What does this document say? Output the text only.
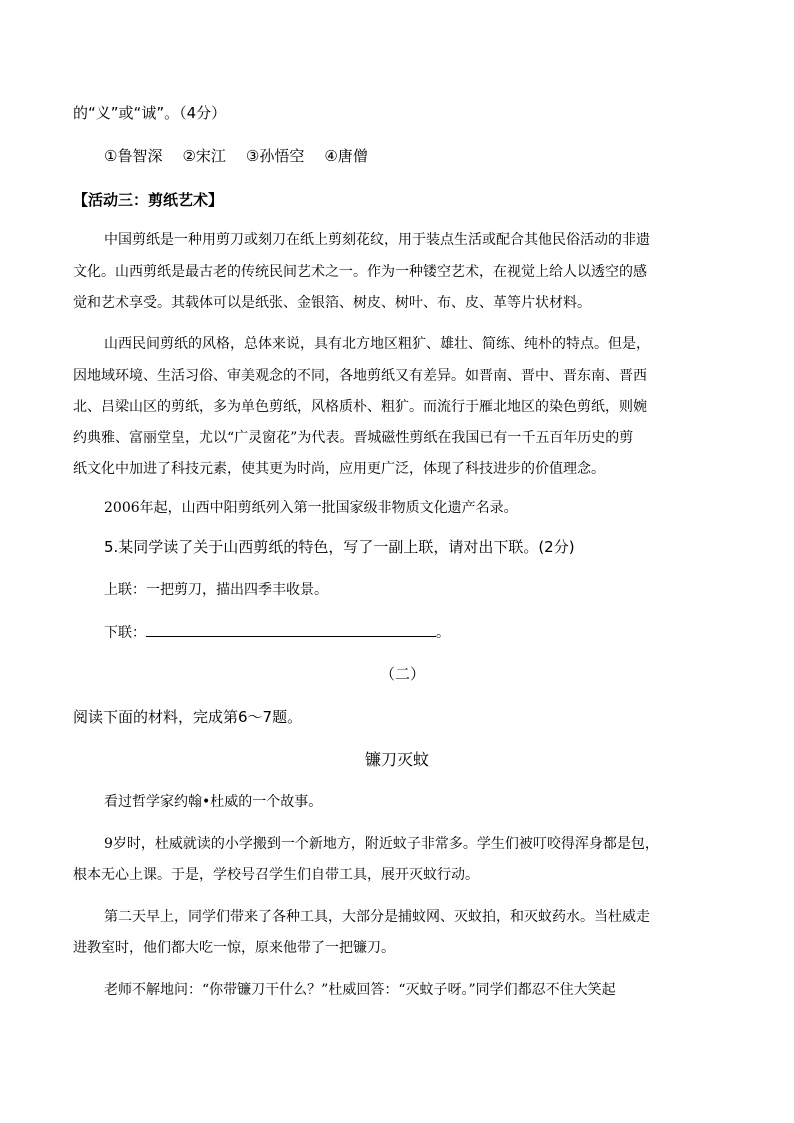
的“义”或“诚”。（4分）
①鲁智深 ②宋江 ③孙悟空 ④唐僧
【活动三：剪纸艺术】
中国剪纸是一种用剪刀或刻刀在纸上剪刻花纹，用于装点生活或配合其他民俗活动的非遗
文化。山西剪纸是最古老的传统民间艺术之一。作为一种镂空艺术，在视觉上给人以透空的感
觉和艺术享受。其载体可以是纸张、金银箔、树皮、树叶、布、皮、革等片状材料。
山西民间剪纸的风格，总体来说，具有北方地区粗犷、雄壮、简练、纯朴的特点。但是，
因地域环境、生活习俗、审美观念的不同，各地剪纸又有差异。如晋南、晋中、晋东南、晋西
北、吕梁山区的剪纸，多为单色剪纸，风格质朴、粗犷。而流行于雁北地区的染色剪纸，则婉
约典雅、富丽堂皇，尤以“广灵窗花”为代表。晋城磁性剪纸在我国已有一千五百年历史的剪
纸文化中加进了科技元素，使其更为时尚，应用更广泛，体现了科技进步的价值理念。
2006年起，山西中阳剪纸列入第一批国家级非物质文化遗产名录。
5.某同学读了关于山西剪纸的特色，写了一副上联，请对出下联。(2分)
上联：一把剪刀，描出四季丰收景。
下联：	。
（二）
阅读下面的材料，完成第6～7题。
镰刀灭蚊
看过哲学家约翰•杜威的一个故事。
9岁时，杜威就读的小学搬到一个新地方，附近蚊子非常多。学生们被叮咬得浑身都是包，
根本无心上课。于是，学校号召学生们自带工具，展开灭蚊行动。
第二天早上，同学们带来了各种工具，大部分是捕蚊网、灭蚊拍，和灭蚊药水。当杜威走
进教室时，他们都大吃一惊，原来他带了一把镰刀。
老师不解地问：“你带镰刀干什么？”杜威回答：“灭蚊子呀。”同学们都忍不住大笑起
